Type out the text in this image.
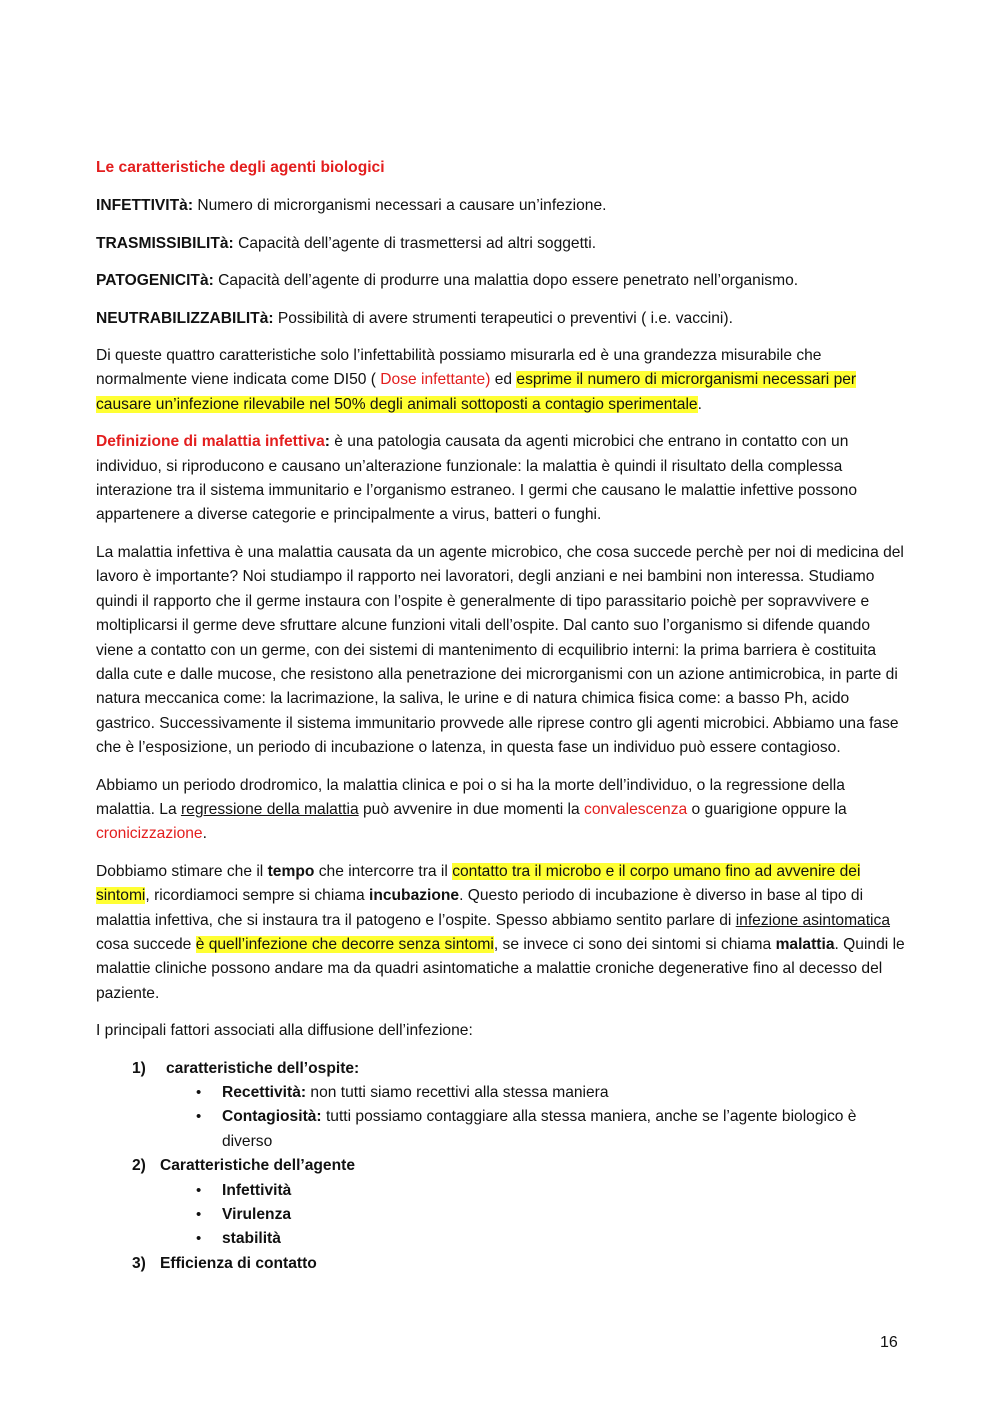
Le caratteristiche degli agenti biologici

INFETTIVITà: Numero di microrganismi necessari a causare un’infezione.

TRASMISSIBILITà: Capacità dell’agente di trasmettersi ad altri soggetti.

PATOGENICITà: Capacità dell’agente di produrre una malattia dopo essere penetrato nell’organismo.

NEUTRABILIZZABILITà: Possibilità di avere strumenti terapeutici o preventivi ( i.e. vaccini).

Di queste quattro caratteristiche solo l’infettabilità possiamo misurarla ed è una grandezza misurabile che normalmente viene indicata come DI50 ( Dose infettante) ed esprime il numero di microrganismi necessari per causare un’infezione rilevabile nel 50% degli animali sottoposti a contagio sperimentale.

Definizione di malattia infettiva: è una patologia causata da agenti microbici che entrano in contatto con un individuo, si riproducono e causano un’alterazione funzionale: la malattia è quindi il risultato della complessa interazione tra il sistema immunitario e l’organismo estraneo. I germi che causano le malattie infettive possono appartenere a diverse categorie e principalmente a virus, batteri o funghi.

La malattia infettiva è una malattia causata da un agente microbico, che cosa succede perchè per noi di medicina del lavoro è importante? Noi studiampo il rapporto nei lavoratori, degli anziani e nei bambini non interessa. Studiamo quindi il rapporto che il germe instaura con l’ospite è generalmente di tipo parassitario poichè per sopravvivere e moltiplicarsi il germe deve sfruttare alcune funzioni vitali dell’ospite. Dal canto suo l’organismo si difende quando viene a contatto con un germe, con dei sistemi di mantenimento di ecquilibrio interni: la prima barriera è costituita dalla cute e dalle mucose, che resistono alla penetrazione dei microrganismi con un azione antimicrobica, in parte di natura meccanica come: la lacrimazione, la saliva, le urine e di natura chimica fisica come: a basso Ph, acido gastrico. Successivamente il sistema immunitario provvede alle riprese contro gli agenti microbici. Abbiamo una fase che è l’esposizione, un periodo di incubazione o latenza, in questa fase un individuo può essere contagioso.

Abbiamo un periodo drodromico, la malattia clinica e poi o si ha la morte dell’individuo, o la regressione della malattia. La regressione della malattia può avvenire in due momenti la convalescenza o guarigione oppure la cronicizzazione.

Dobbiamo stimare che il tempo che intercorre tra il contatto tra il microbo e il corpo umano fino ad avvenire dei sintomi, ricordiamoci sempre si chiama incubazione. Questo periodo di incubazione è diverso in base al tipo di malattia infettiva, che si instaura tra il patogeno e l’ospite. Spesso abbiamo sentito parlare di infezione asintomatica cosa succede è quell’infezione che decorre senza sintomi, se invece ci sono dei sintomi si chiama malattia. Quindi le malattie cliniche possono andare ma da quadri asintomatiche a malattie croniche degenerative fino al decesso del paziente.

I principali fattori associati alla diffusione dell’infezione:

1) caratteristiche dell’ospite:
• Recettività: non tutti siamo recettivi alla stessa maniera
• Contagiosità: tutti possiamo contaggiare alla stessa maniera, anche se l’agente biologico è diverso
2) Caratteristiche dell’agente
• Infettività
• Virulenza
• stabilità
3) Efficienza di contatto
16
